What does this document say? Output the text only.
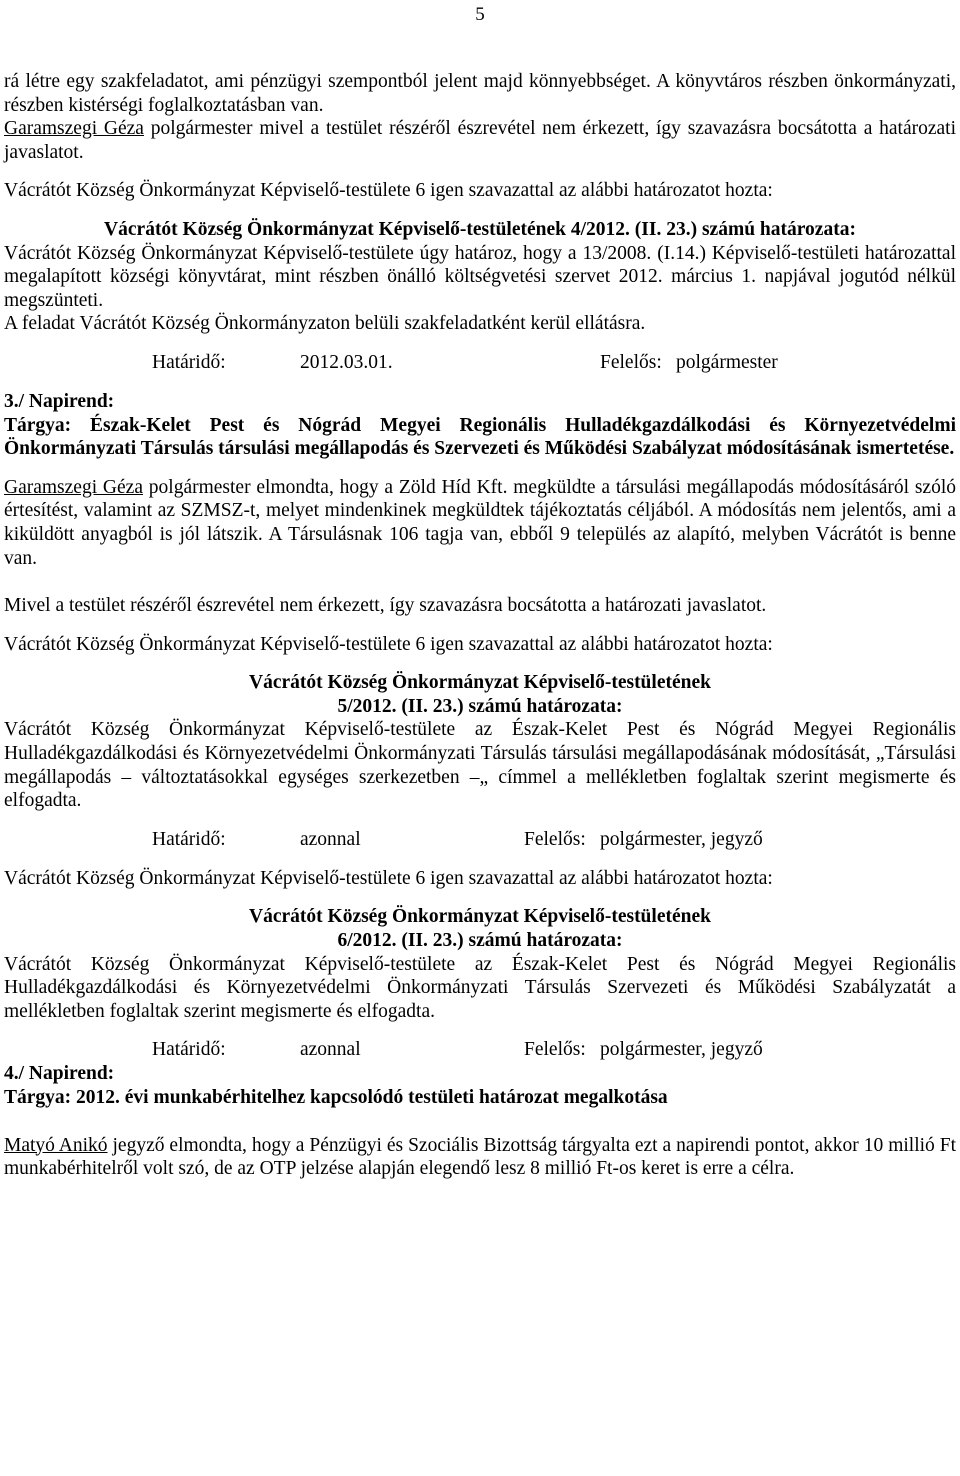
5

rá létre egy szakfeladatot, ami pénzügyi szempontból jelent majd könnyebbséget. A könyvtáros részben önkormányzati, részben kistérségi foglalkoztatásban van.

Garamszegi Géza polgármester mivel a testület részéről észrevétel nem érkezett, így szavazásra bocsátotta a határozati javaslatot.

Vácrátót Község Önkormányzat Képviselő-testülete 6 igen szavazattal az alábbi határozatot hozta:

Vácrátót Község Önkormányzat Képviselő-testületének 4/2012. (II. 23.) számú határozata:

Vácrátót Község Önkormányzat Képviselő-testülete úgy határoz, hogy a 13/2008. (I.14.) Képviselő-testületi határozattal megalapított községi könyvtárat, mint részben önálló költségvetési szervet 2012. március 1. napjával jogutód nélkül megszünteti.

A feladat Vácrátót Község Önkormányzaton belüli szakfeladatként kerül ellátásra.

Határidő:	2012.03.01.	Felelős: polgármester

3./ Napirend:

Tárgya: Észak-Kelet Pest és Nógrád Megyei Regionális Hulladékgazdálkodási és Környezetvédelmi Önkormányzati Társulás társulási megállapodás és Szervezeti és Működési Szabályzat módosításának ismertetése.

Garamszegi Géza polgármester elmondta, hogy a Zöld Híd Kft. megküldte a társulási megállapodás módosításáról szóló értesítést, valamint az SZMSZ-t, melyet mindenkinek megküldtek tájékoztatás céljából. A módosítás nem jelentős, ami a kiküldött anyagból is jól látszik. A Társulásnak 106 tagja van, ebből 9 település az alapító, melyben Vácrátót is benne van.

Mivel a testület részéről észrevétel nem érkezett, így szavazásra bocsátotta a határozati javaslatot.

Vácrátót Község Önkormányzat Képviselő-testülete 6 igen szavazattal az alábbi határozatot hozta:

Vácrátót Község Önkormányzat Képviselő-testületének

5/2012. (II. 23.) számú határozata:

Vácrátót Község Önkormányzat Képviselő-testülete az Észak-Kelet Pest és Nógrád Megyei Regionális Hulladékgazdálkodási és Környezetvédelmi Önkormányzati Társulás társulási megállapodásának módosítását, „Társulási megállapodás – változtatásokkal egységes szerkezetben –„ címmel a mellékletben foglaltak szerint megismerte és elfogadta.

Határidő:	azonnal	Felelős: polgármester, jegyző

Vácrátót Község Önkormányzat Képviselő-testülete 6 igen szavazattal az alábbi határozatot hozta:

Vácrátót Község Önkormányzat Képviselő-testületének

6/2012. (II. 23.) számú határozata:

Vácrátót Község Önkormányzat Képviselő-testülete az Észak-Kelet Pest és Nógrád Megyei Regionális Hulladékgazdálkodási és Környezetvédelmi Önkormányzati Társulás Szervezeti és Működési Szabályzatát a mellékletben foglaltak szerint megismerte és elfogadta.

Határidő:	azonnal	Felelős: polgármester, jegyző

4./ Napirend:

Tárgya: 2012. évi munkabérhitelhez kapcsolódó testületi határozat megalkotása

Matyó Anikó jegyző elmondta, hogy a Pénzügyi és Szociális Bizottság tárgyalta ezt a napirendi pontot, akkor 10 millió Ft munkabérhitelről volt szó, de az OTP jelzése alapján elegendő lesz 8 millió Ft-os keret is erre a célra.
